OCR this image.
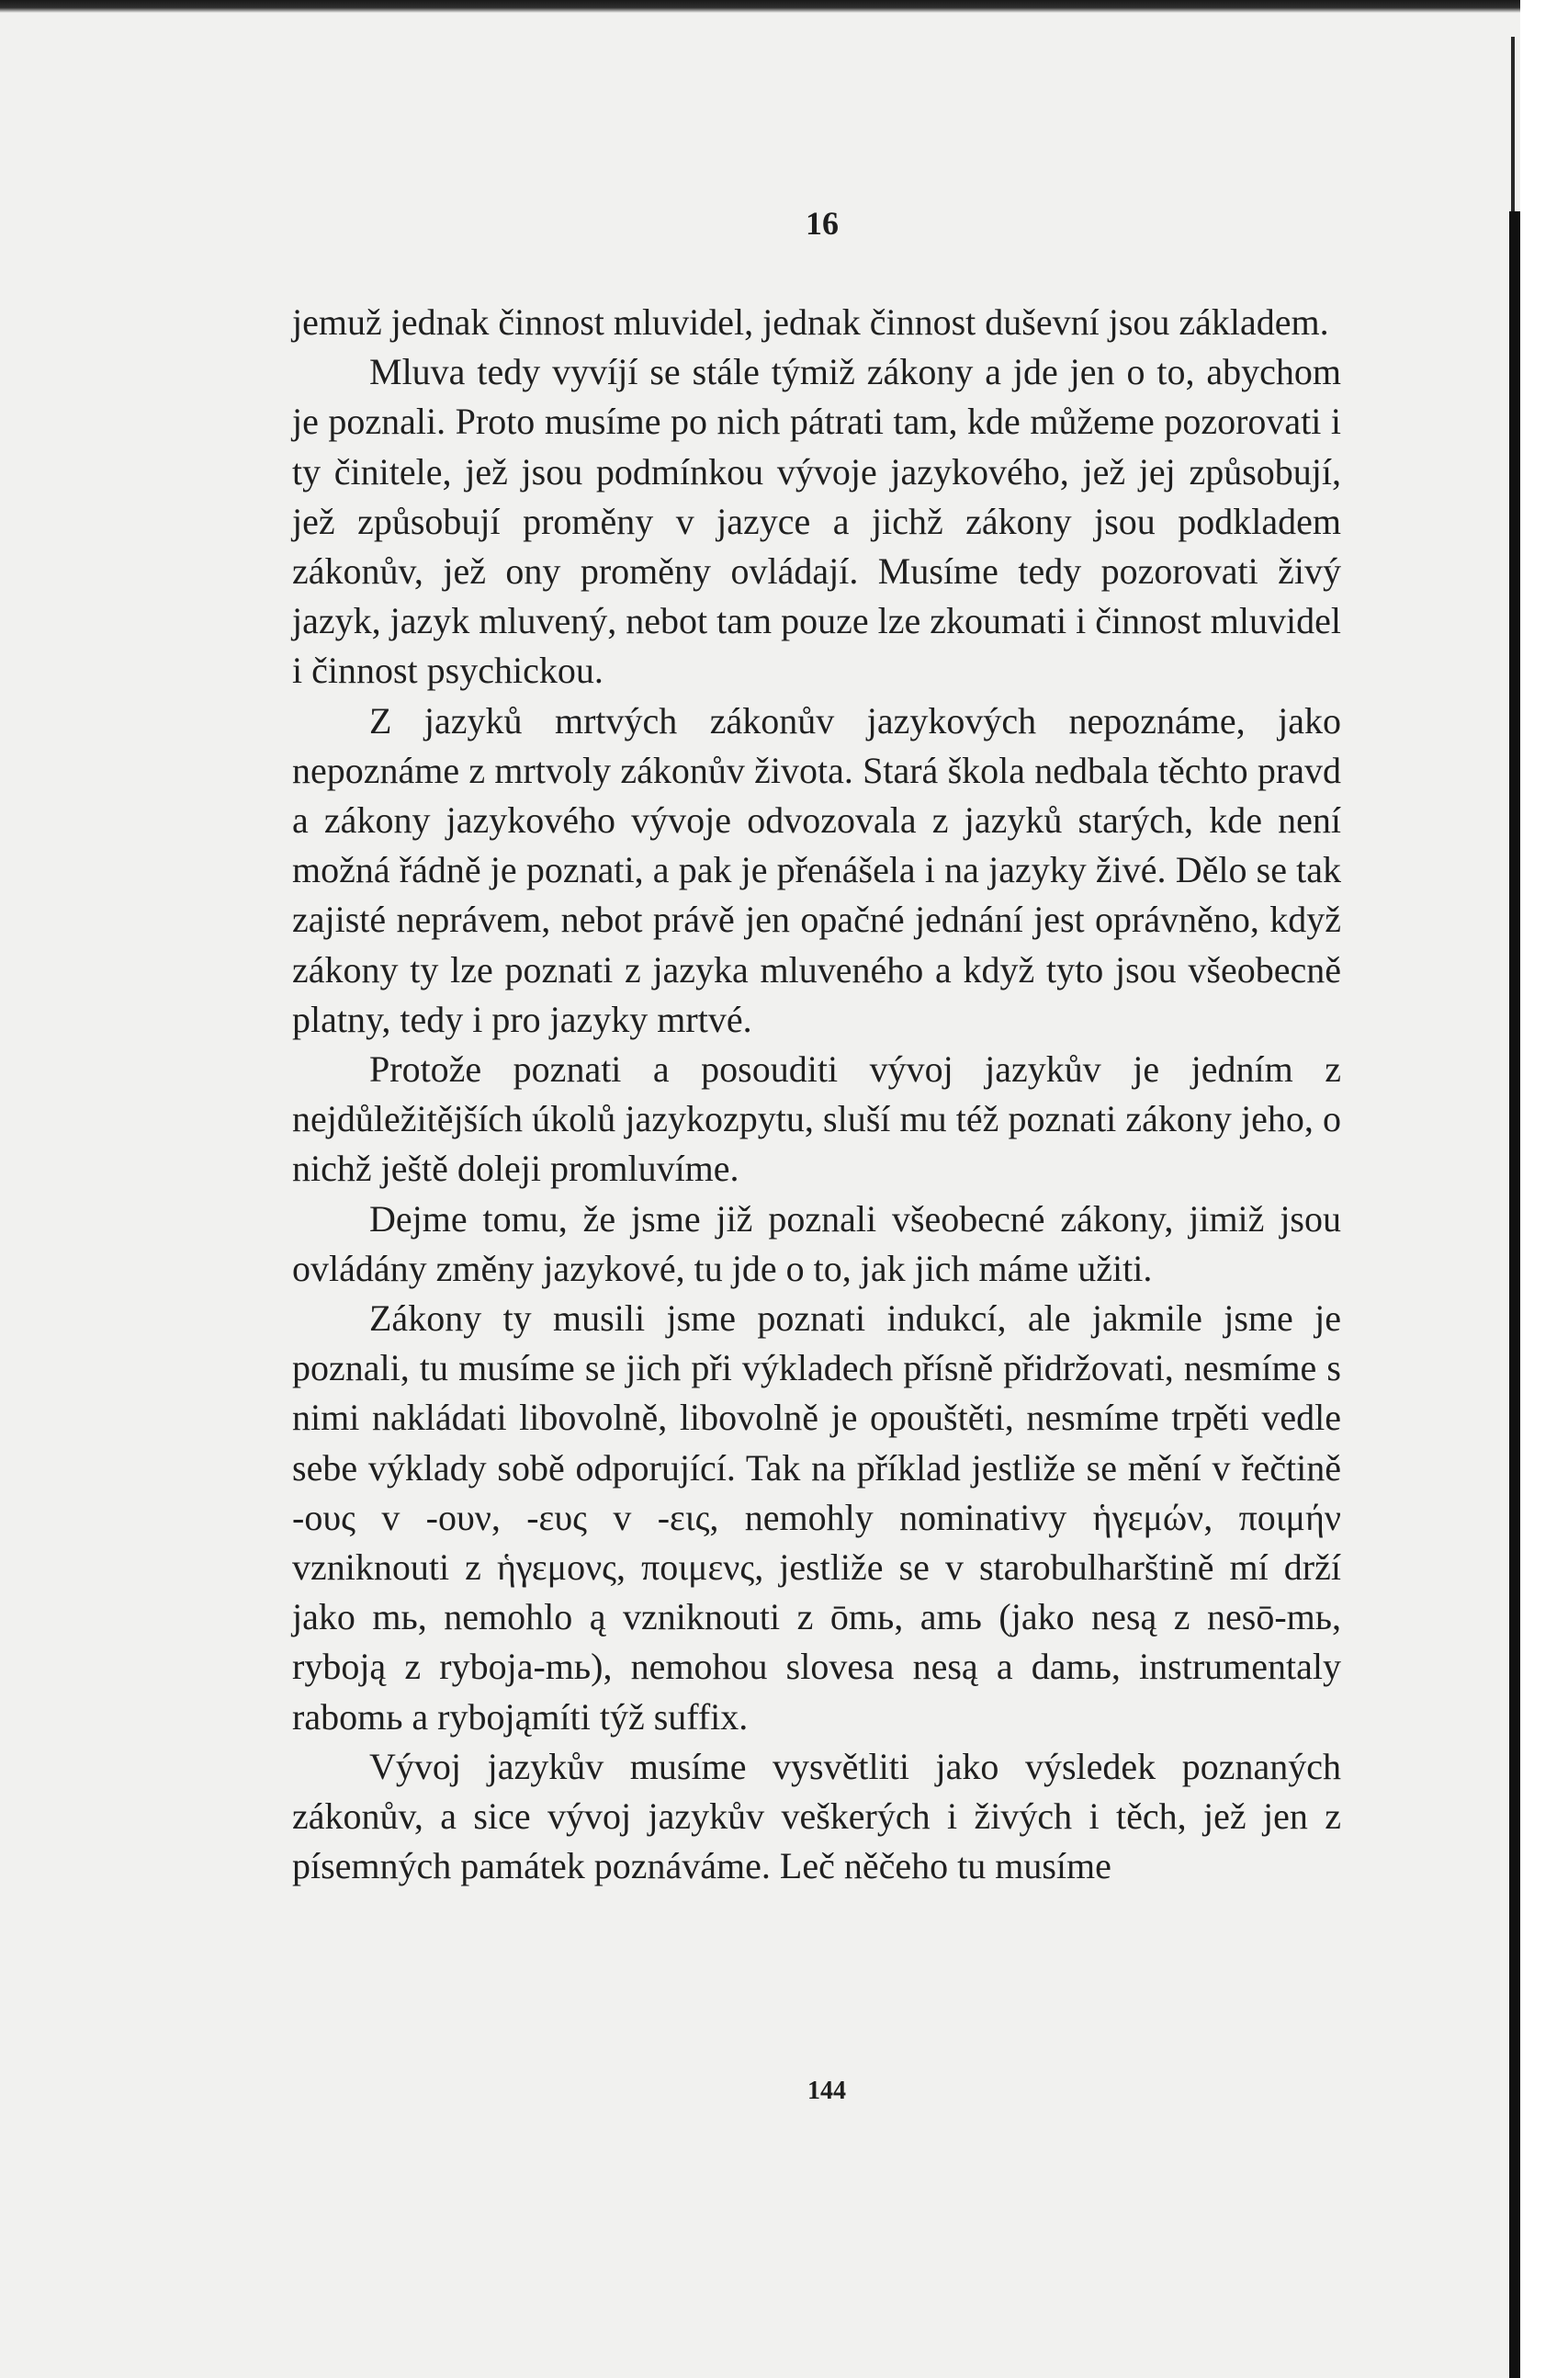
16

jemuž jednak činnost mluvidel, jednak činnost duševní jsou základem.

Mluva tedy vyvíjí se stále týmiž zákony a jde jen o to, abychom je poznali. Proto musíme po nich pátrati tam, kde můžeme pozorovati i ty činitele, jež jsou podmínkou vývoje jazykového, jež jej způsobují, jež způsobují proměny v jazyce a jichž zákony jsou podkladem zákonův, jež ony proměny ovládají. Musíme tedy pozorovati živý jazyk, jazyk mluvený, nebot tam pouze lze zkoumati i činnost mluvidel i činnost psychickou.

Z jazyků mrtvých zákonův jazykových nepoznáme, jako nepoznáme z mrtvoly zákonův života. Stará škola nedbala těchto pravd a zákony jazykového vývoje odvozovala z jazyků starých, kde není možná řádně je poznati, a pak je přenášela i na jazyky živé. Dělo se tak zajisté neprávem, nebot právě jen opačné jednání jest oprávněno, když zákony ty lze poznati z jazyka mluveného a když tyto jsou všeobecně platny, tedy i pro jazyky mrtvé.

Protože poznati a posouditi vývoj jazykův je jedním z nejdůležitějších úkolů jazykozpytu, sluší mu též poznati zákony jeho, o nichž ještě doleji promluvíme.

Dejme tomu, že jsme již poznali všeobecné zákony, jimiž jsou ovládány změny jazykové, tu jde o to, jak jich máme užiti.

Zákony ty musili jsme poznati indukcí, ale jakmile jsme je poznali, tu musíme se jich při výkladech přísně přidržovati, nesmíme s nimi nakládati libovolně, libovolně je opouštěti, nesmíme trpěti vedle sebe výklady sobě odporující. Tak na příklad jestliže se mění v řečtině -ους v -ουν, -ευς v -εις, nemohly nominativy ἡγεμών, ποιμήν vzniknouti z ἡγεμονς, ποιμενς, jestliže se v starobulharštině mí drží jako mь, nemohlo ą vzniknouti z ōmь, amь (jako nesą z nesō-mь, ryboją z ryboja-mь), nemohou slovesa nesą a damь, instrumentaly rabomь a rybojąmíti týž suffix.

Vývoj jazykův musíme vysvětliti jako výsledek poznaných zákonův, a sice vývoj jazykův veškerých i živých i těch, jež jen z písemných památek poznáváme. Leč něčeho tu musíme

144
